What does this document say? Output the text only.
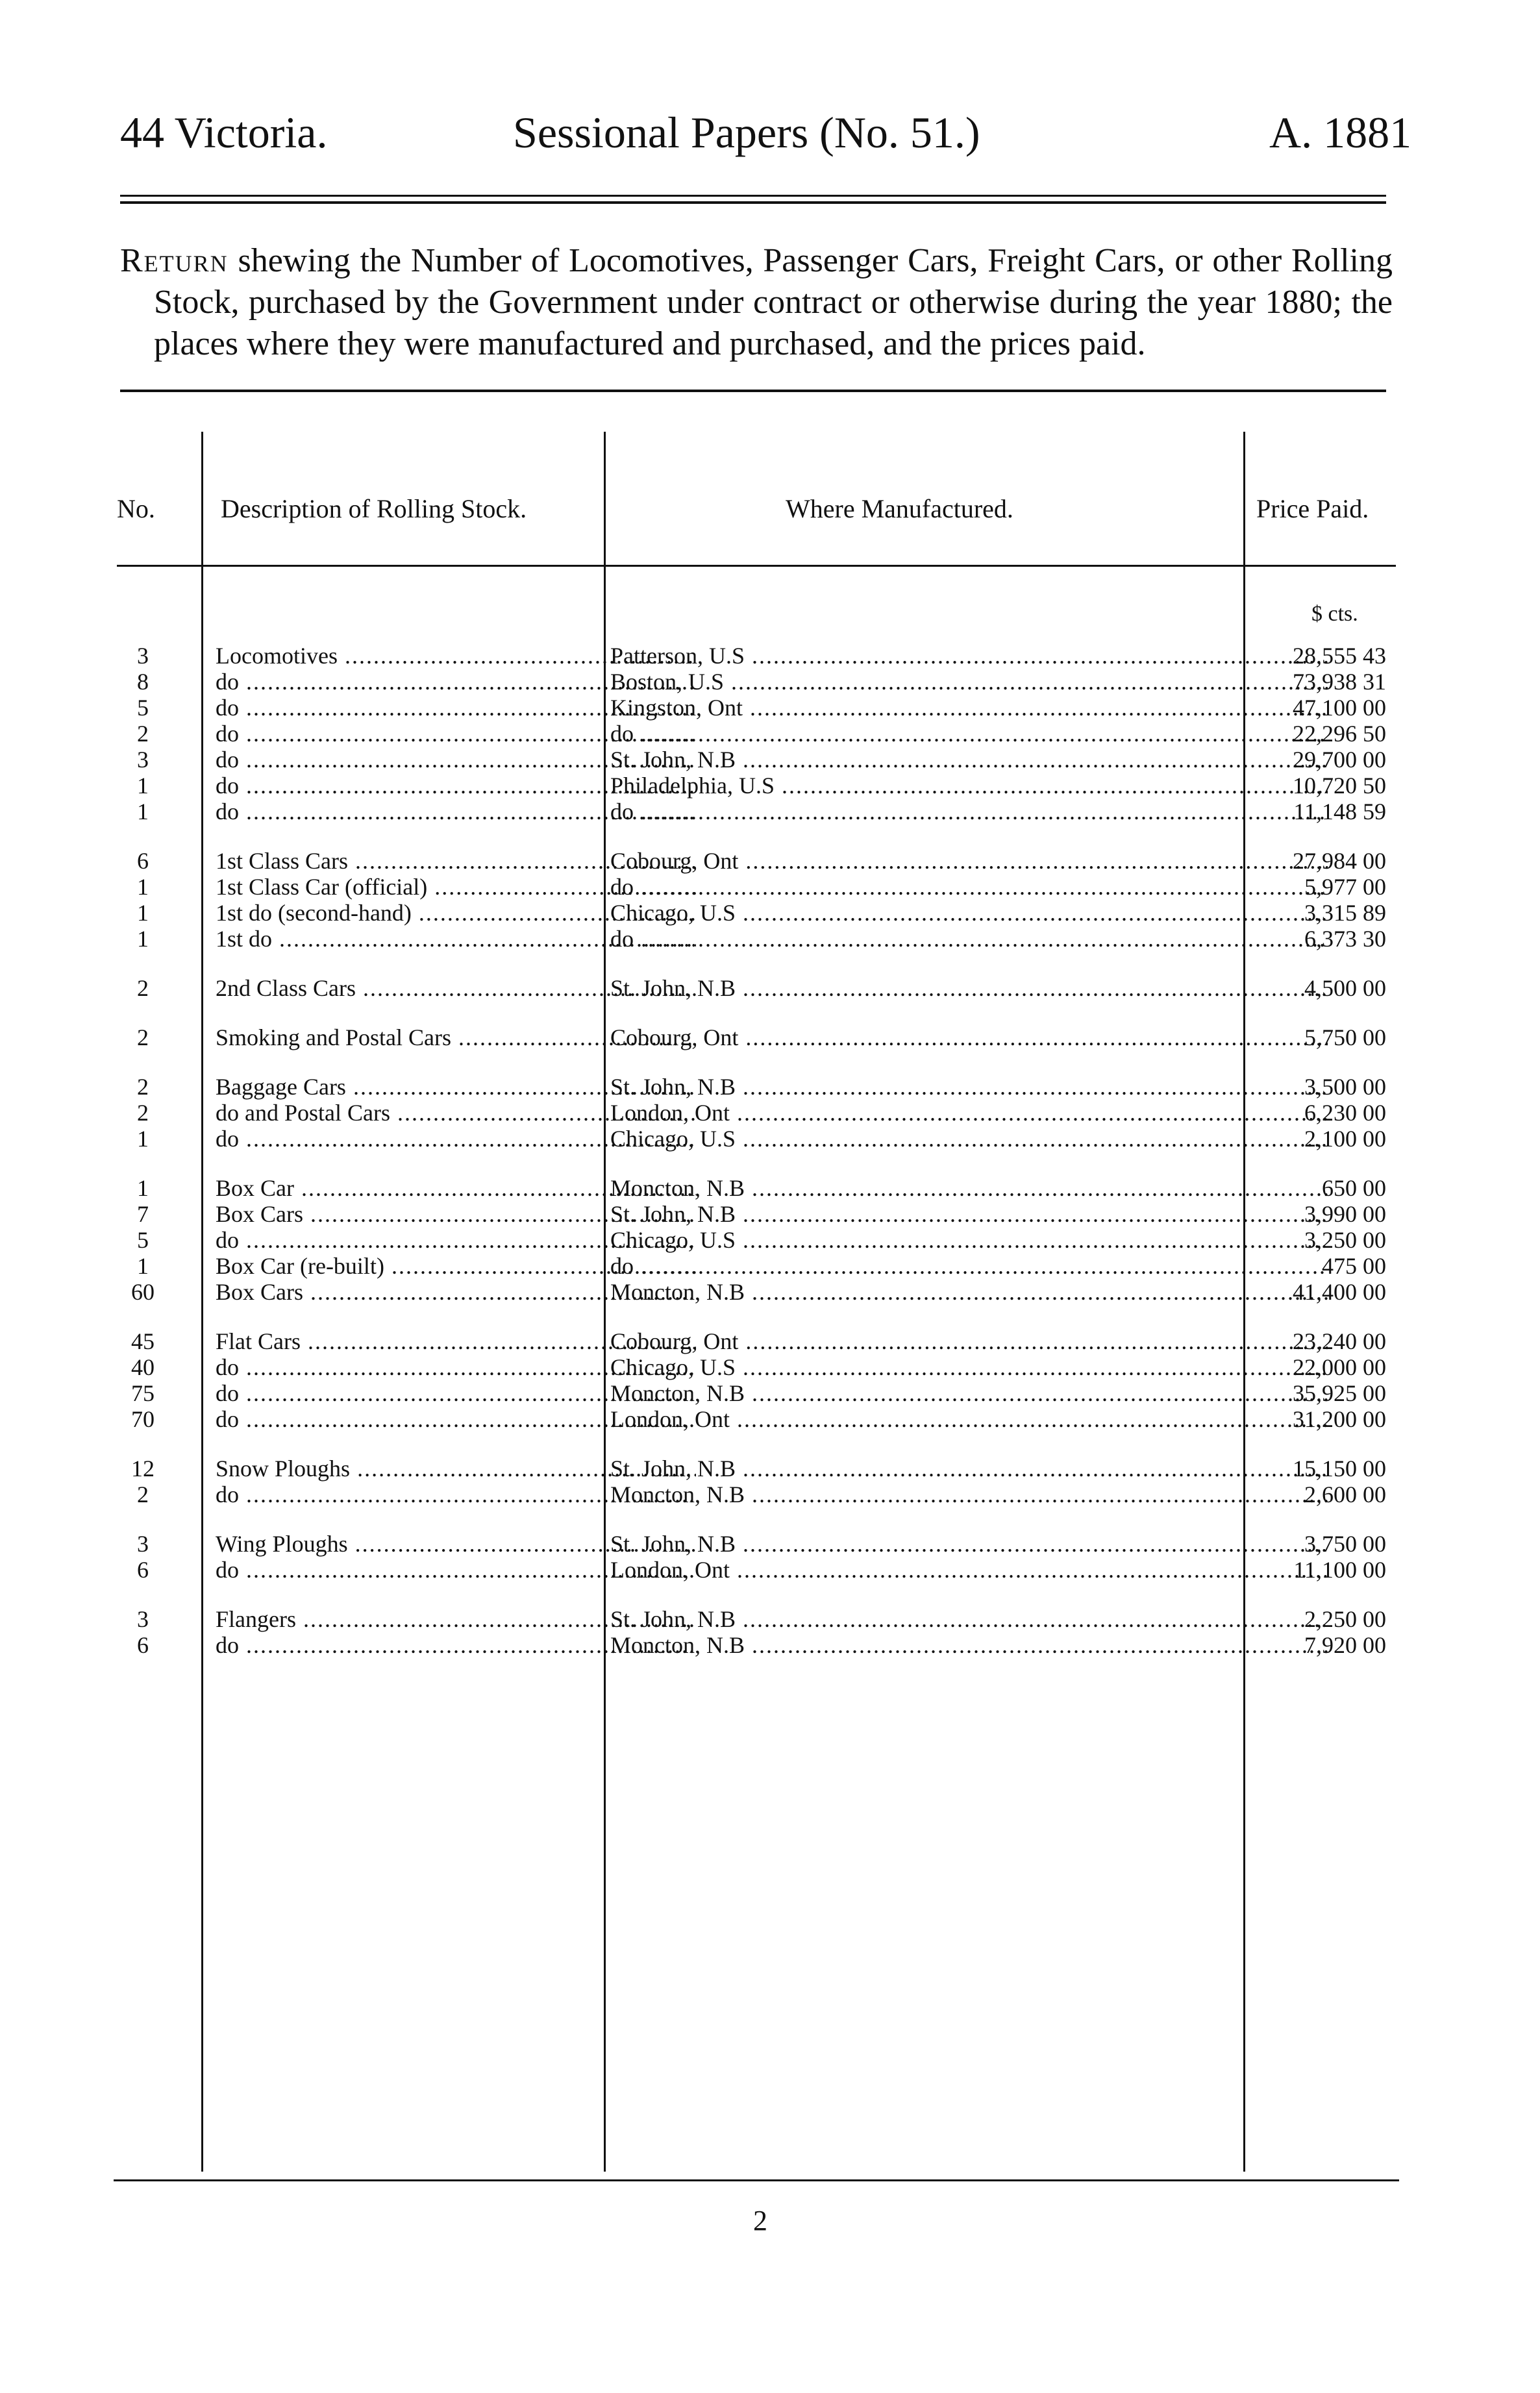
44 Victoria.	Sessional Papers (No. 51.)	A. 1881

Return shewing the Number of Locomotives, Passenger Cars, Freight Cars, or other Rolling Stock, purchased by the Government under contract or otherwise during the year 1880; the places where they were manufactured and purchased, and the prices paid.

No.	Description of Rolling Stock.	Where Manufactured.	Price Paid.
$ cts.
3	Locomotives .....	Patterson, U.S .....	28,555 43
8	do .....	Boston, U.S .....	73,938 31
5	do .....	Kingston, Ont .....	47,100 00
2	do .....	do .....	22,296 50
3	do .....	St. John, N.B .....	29,700 00
1	do .....	Philadelphia, U.S .....	10,720 50
1	do .....	do .....	11,148 59
6	1st Class Cars .....	Cobourg, Ont .....	27,984 00
1	1st Class Car (official) .....	do .....	5,977 00
1	1st do (second-hand) .....	Chicago, U.S .....	3,315 89
1	1st do .....	do .....	6,373 30
2	2nd Class Cars .....	St. John, N.B .....	4,500 00
2	Smoking and Postal Cars .....	Cobourg, Ont .....	5,750 00
2	Baggage Cars .....	St. John, N.B .....	3,500 00
2	do and Postal Cars .....	London, Ont .....	6,230 00
1	do .....	Chicago, U.S .....	2,100 00
1	Box Car .....	Moncton, N.B .....	650 00
7	Box Cars .....	St. John, N.B .....	3,990 00
5	do .....	Chicago, U.S .....	3,250 00
1	Box Car (re-built) .....	do .....	475 00
60	Box Cars .....	Moncton, N.B .....	41,400 00
45	Flat Cars .....	Cobourg, Ont .....	23,240 00
40	do .....	Chicago, U.S .....	22,000 00
75	do .....	Moncton, N.B .....	35,925 00
70	do .....	London, Ont .....	31,200 00
12	Snow Ploughs .....	St. John, N.B .....	15,150 00
2	do .....	Moncton, N.B .....	2,600 00
3	Wing Ploughs .....	St. John, N.B .....	3,750 00
6	do .....	London, Ont .....	11,100 00
3	Flangers .....	St. John, N.B .....	2,250 00
6	do .....	Moncton, N.B .....	7,920 00
2
